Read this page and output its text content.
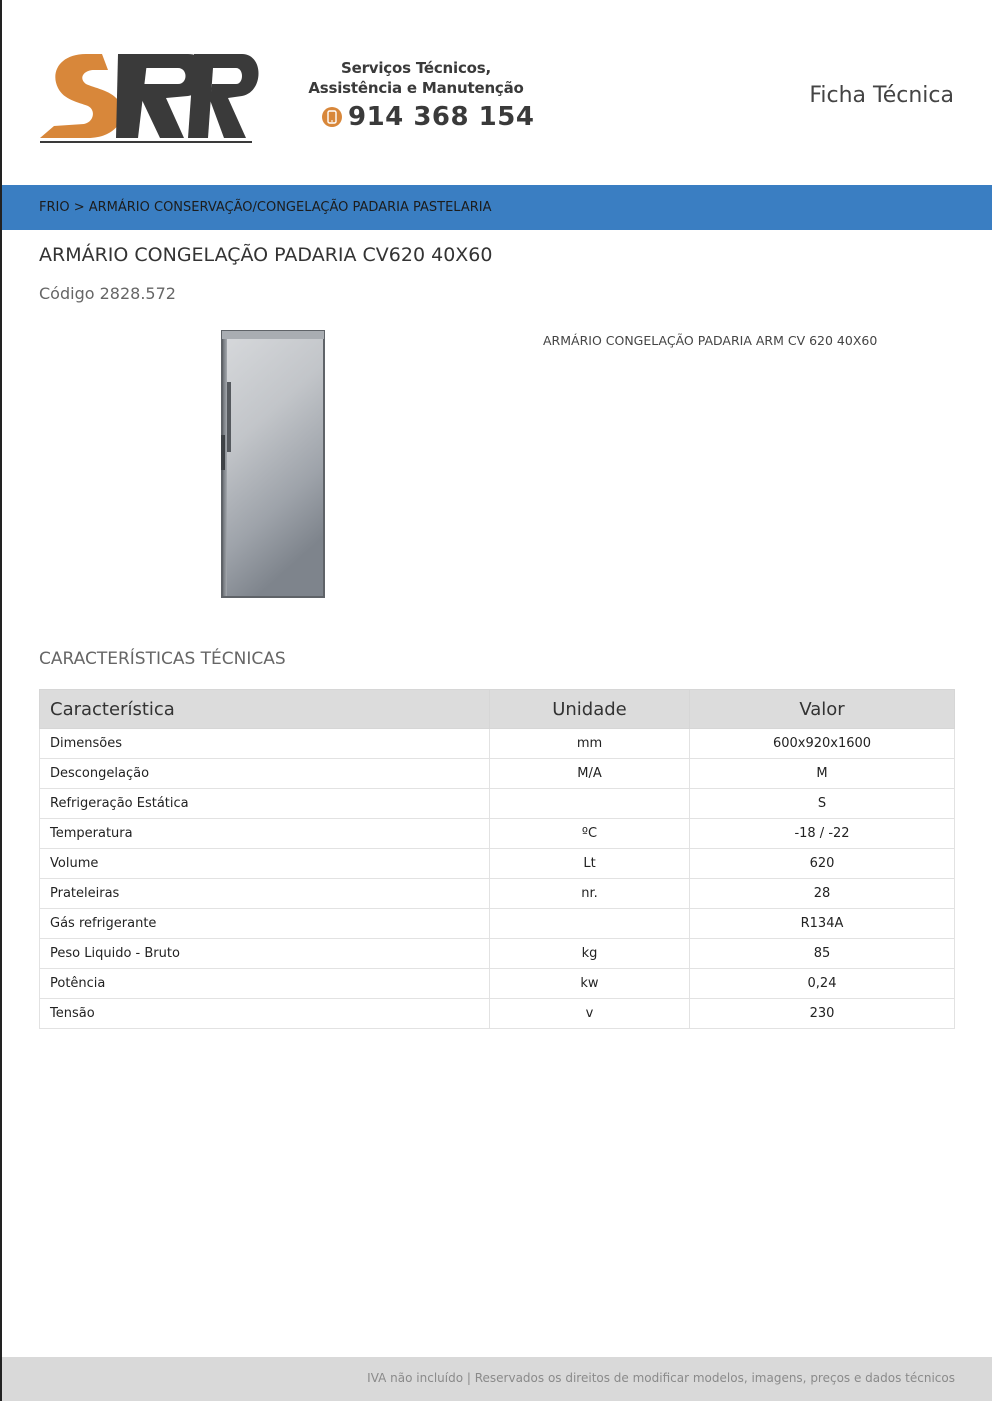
Serviços Técnicos,
Assistência e Manutenção
914 368 154
Ficha Técnica
FRIO > ARMÁRIO CONSERVAÇÃO/CONGELAÇÃO PADARIA PASTELARIA
ARMÁRIO CONGELAÇÃO PADARIA CV620 40X60
Código 2828.572
ARMÁRIO CONGELAÇÃO PADARIA ARM CV 620 40X60
CARACTERÍSTICAS TÉCNICAS
Característica	Unidade	Valor
Dimensões	mm	600x920x1600
Descongelação	M/A	M
Refrigeração Estática		S
Temperatura	ºC	-18 / -22
Volume	Lt	620
Prateleiras	nr.	28
Gás refrigerante		R134A
Peso Liquido - Bruto	kg	85
Potência	kw	0,24
Tensão	v	230
IVA não incluído | Reservados os direitos de modificar modelos, imagens, preços e dados técnicos
